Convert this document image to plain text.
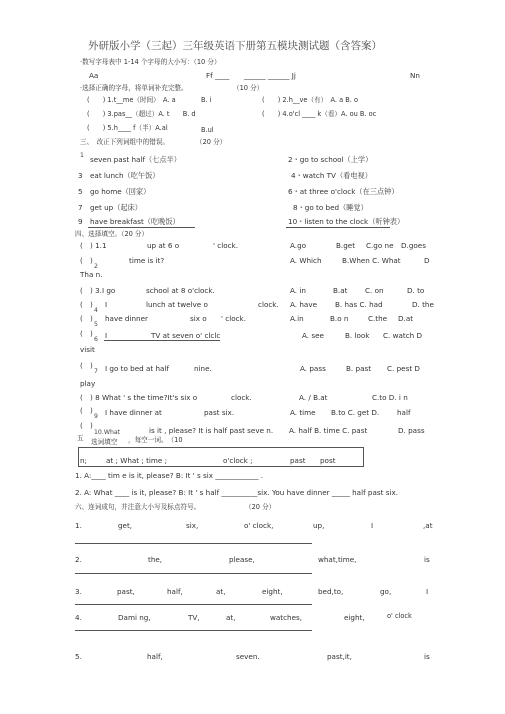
外研版小学（三起）三年级英语下册第五模块测试题（含答案）
·数写字母表中 1-14 个字母的大小写：（10 分）
Aa	Ff ____ ______ ______ Jj	Nn
·选择正确的字母，将单词补充完整。	（10 分）
(　　) 1.t__me（时间）　A. a	B. i	(　　) 2.h__ve（有）　A. a B. o
(　　) 3.pas__（超过）A. t　　B. d	(　　) 4.o'cl ____ k（看）A. ou B. oc
(　　) 5.h____ f（半）A.al	B.ul
三、　改正下列词组中的错误。	（20 分）
1 seven past half（七点半）	2・go to school（上学）
3 eat lunch（吃午饭）	4・watch TV（看电视）
5 go home（回家）	6・at three o'clock（在三点钟）
7 get up（起床）	8・go to bed（睡觉）
9 have breakfast（吃晚饭）	10・listen to the clock（听钟表）
四、选择填空。（20 分）
(　) 1.1	up at 6 o	' clock.	A.go	B.get C.go ne D.goes
(　)
2
time is it?	A. Which	B.When C. What	D
Tha n.
(　) 3.I go	school at 8 o'clock.	A. in	B.at C. on	D. to
(　)
4
I	lunch at twelve o	clock. A. have	B. has C. had	D. the
(　)
5
have dinner	six o ' clock.	A.in	B.o n	C.the D.at
(　)
6 I	TV at seven o' clclc	A. see	B. look C. watch D
visit
(　)
7 I go to bed at half	nine.	A. pass	B. past C. pest D
play
(　) 8 What ' s the time?It's six o	clock.	A. / B.at	C.to D. i n
(　)
9 I have dinner at	past six.	A. time B.to C. get D. half
(　)
10.What	is it , please? It is half past seve n. A. half B. time C. past	D. pass
五 选词填空 ，每空一词。　（10
n;	at ; What ; time ;	o'clock ;	past post
1. A:____ tim e is it, please? B: It ' s six ____________ .
2. A: What ____ is it, please? B: It ' s half __________six. You have dinner _____ half past six.
六、连词成句，并注意大小写及标点符号。	（20 分）
1.	get,	six,	o' clock,	up,	I	,at
2.	the,	please,	what,time,	is
3.	past,	half,	at,	eight,	bed,to,	go,	I
4.	Dami ng,	TV,	at,	watches,	eight,	o' clock
5.	half,	seven.	past,it,	is
